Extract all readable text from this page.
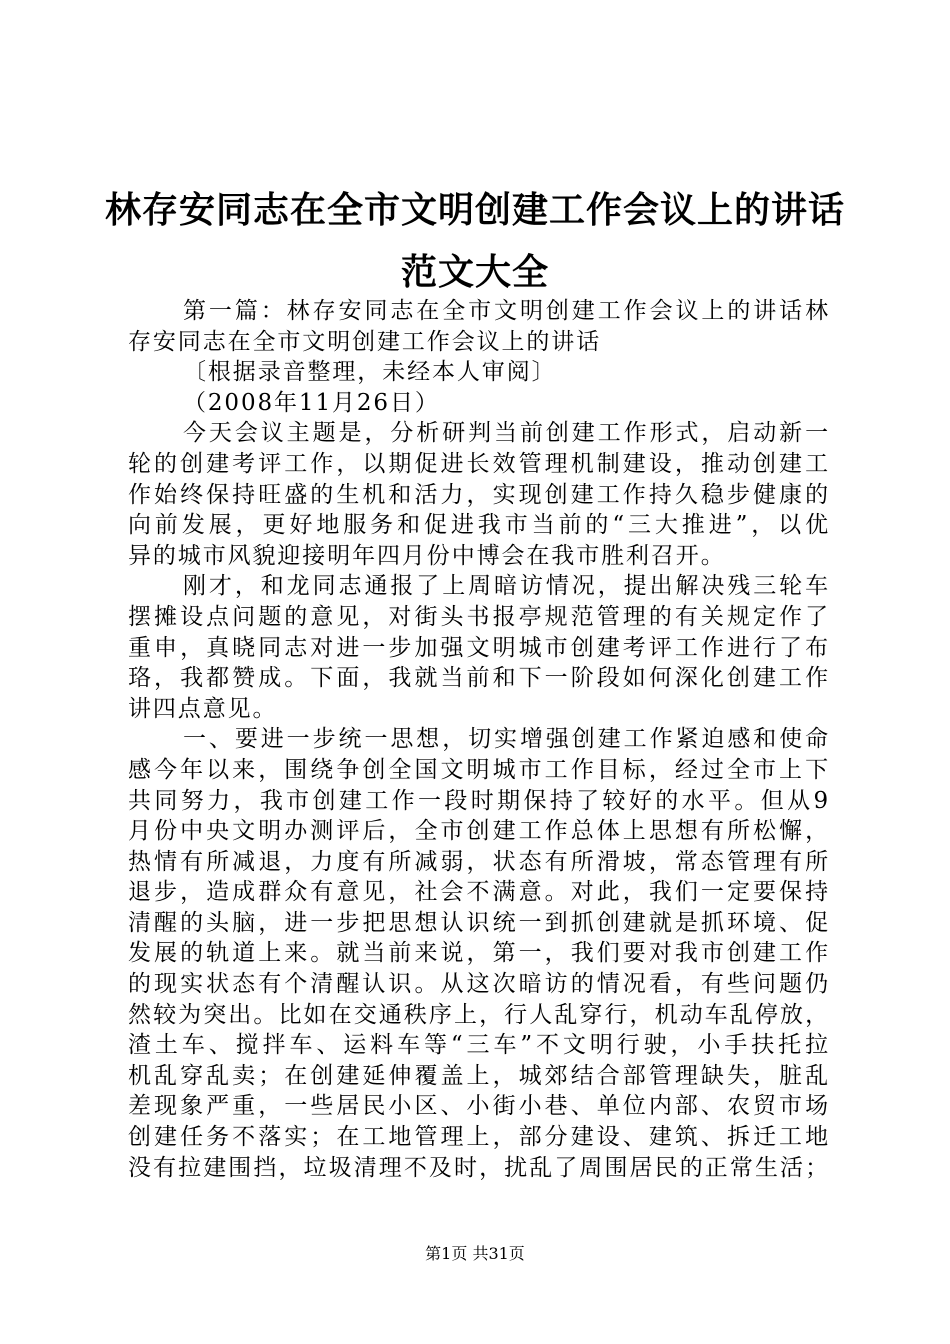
林存安同志在全市文明创建工作会议上的讲话
范文大全
第一篇：林存安同志在全市文明创建工作会议上的讲话林
存安同志在全市文明创建工作会议上的讲话
〔根据录音整理，未经本人审阅〕
（2008年11月26日）
今天会议主题是，分析研判当前创建工作形式，启动新一
轮的创建考评工作，以期促进长效管理机制建设，推动创建工
作始终保持旺盛的生机和活力，实现创建工作持久稳步健康的
向前发展，更好地服务和促进我市当前的“三大推进”，以优
异的城市风貌迎接明年四月份中博会在我市胜利召开。
刚才，和龙同志通报了上周暗访情况，提出解决残三轮车
摆摊设点问题的意见，对街头书报亭规范管理的有关规定作了
重申，真晓同志对进一步加强文明城市创建考评工作进行了布
珞，我都赞成。下面，我就当前和下一阶段如何深化创建工作
讲四点意见。
一、要进一步统一思想，切实增强创建工作紧迫感和使命
感今年以来，围绕争创全国文明城市工作目标，经过全市上下
共同努力，我市创建工作一段时期保持了较好的水平。但从9
月份中央文明办测评后，全市创建工作总体上思想有所松懈，
热情有所减退，力度有所减弱，状态有所滑坡，常态管理有所
退步，造成群众有意见，社会不满意。对此，我们一定要保持
清醒的头脑，进一步把思想认识统一到抓创建就是抓环境、促
发展的轨道上来。就当前来说，第一，我们要对我市创建工作
的现实状态有个清醒认识。从这次暗访的情况看，有些问题仍
然较为突出。比如在交通秩序上，行人乱穿行，机动车乱停放，
渣土车、搅拌车、运料车等“三车”不文明行驶，小手扶托拉
机乱穿乱卖；在创建延伸覆盖上，城郊结合部管理缺失，脏乱
差现象严重，一些居民小区、小街小巷、单位内部、农贸市场
创建任务不落实；在工地管理上，部分建设、建筑、拆迁工地
没有拉建围挡，垃圾清理不及时，扰乱了周围居民的正常生活；
第1页 共31页
